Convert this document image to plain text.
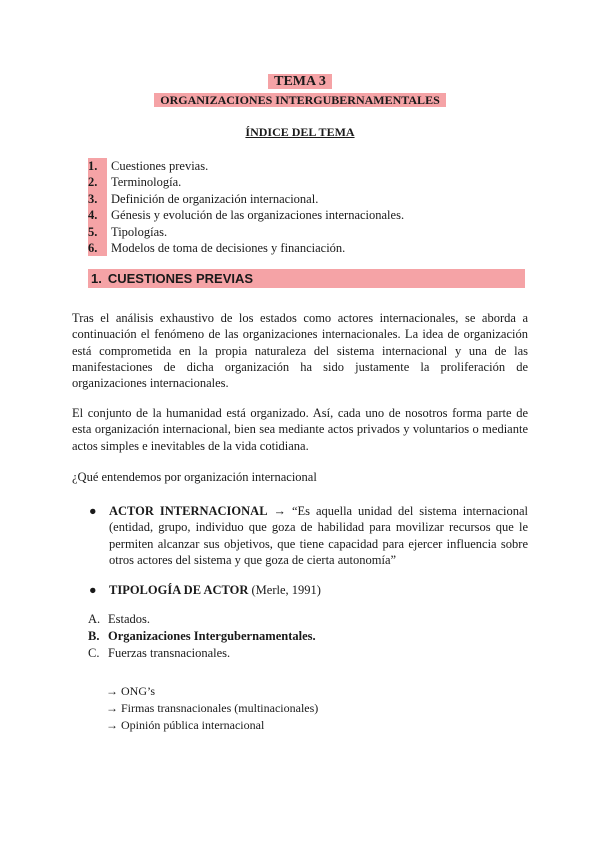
TEMA 3
ORGANIZACIONES INTERGUBERNAMENTALES
ÍNDICE DEL TEMA
1. Cuestiones previas.
2. Terminología.
3. Definición de organización internacional.
4. Génesis y evolución de las organizaciones internacionales.
5. Tipologías.
6. Modelos de toma de decisiones y financiación.
1. CUESTIONES PREVIAS

Tras el análisis exhaustivo de los estados como actores internacionales, se aborda a continuación el fenómeno de las organizaciones internacionales. La idea de organización está comprometida en la propia naturaleza del sistema internacional y una de las manifestaciones de dicha organización ha sido justamente la proliferación de organizaciones internacionales.

El conjunto de la humanidad está organizado. Así, cada uno de nosotros forma parte de esta organización internacional, bien sea mediante actos privados y voluntarios o mediante actos simples e inevitables de la vida cotidiana.

¿Qué entendemos por organización internacional

● ACTOR INTERNACIONAL → “Es aquella unidad del sistema internacional (entidad, grupo, individuo que goza de habilidad para movilizar recursos que le permiten alcanzar sus objetivos, que tiene capacidad para ejercer influencia sobre otros actores del sistema y que goza de cierta autonomía”
● TIPOLOGÍA DE ACTOR (Merle, 1991)
A. Estados.
B. Organizaciones Intergubernamentales.
C. Fuerzas transnacionales.
→ ONG’s
→ Firmas transnacionales (multinacionales)
→ Opinión pública internacional
